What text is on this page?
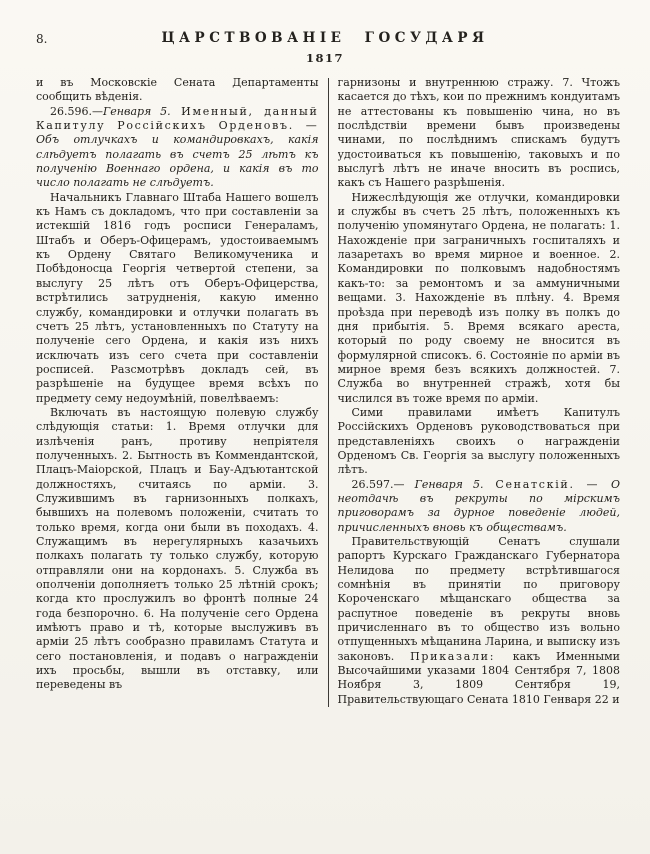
8.	ЦАРСТВОВАНІЕ ГОСУДАРЯ
1817

и въ Московскіе Сената Департаменты сообщить вѣденія.

26.596.—Генваря 5. Именный, данный Капитулу Россійскихъ Орденовъ. — Объ отлучкахъ и командировкахъ, какія слѣдуетъ полагать въ счетъ 25 лѣтъ къ полученію Военнаго ордена, и какія въ то число полагать не слѣдуетъ.

Начальникъ Главнаго Штаба Нашего вошелъ къ Намъ съ докладомъ, что при составленіи за истекшій 1816 годъ росписи Генераламъ, Штабъ и Оберъ-Офицерамъ, удостоиваемымъ къ Ордену Святаго Великомученика и Побѣдоносца Георгія четвертой степени, за выслугу 25 лѣтъ отъ Оберъ-Офицерства, встрѣтились затрудненія, какую именно службу, командировки и отлучки полагать въ счетъ 25 лѣтъ, установленныхъ по Статуту на полученіе сего Ордена, и какія изъ нихъ исключать изъ сего счета при составленіи росписей. Разсмотрѣвъ докладъ сей, въ разрѣшеніе на будущее время всѣхъ по предмету сему недоумѣній, повелѣваемъ:

Включать въ настоящую полевую службу слѣдующія статьи: 1. Время отлучки для излѣченія ранъ, противу непріятеля полученныхъ. 2. Бытность въ Коммендантской, Плацъ-Маіорской, Плацъ и Бау-Адъютантской должностяхъ, считаясь по арміи. 3. Служившимъ въ гарнизонныхъ полкахъ, бывшихъ на полевомъ положеніи, считать то только время, когда они были въ походахъ. 4. Служащимъ въ нерегулярныхъ казачьихъ полкахъ полагать ту только службу, которую отправляли они на кордонахъ. 5. Служба въ ополченіи дополняетъ только 25 лѣтній срокъ; когда кто прослужилъ во фронтѣ полные 24 года безпорочно. 6. На полученіе сего Ордена имѣютъ право и тѣ, которые выслуживъ въ арміи 25 лѣтъ сообразно правиламъ Статута и сего постановленія, и подавъ о награжденіи ихъ просьбы, вышли въ отставку, или переведены въ

гарнизоны и внутреннюю стражу. 7. Чтожъ касается до тѣхъ, кои по прежнимъ кондуитамъ не аттестованы къ повышенію чина, но въ послѣдствіи времени бывъ произведены чинами, по послѣднимъ спискамъ будутъ удостоиваться къ повышенію, таковыхъ и по выслугѣ лѣтъ не иначе вносить въ роспись, какъ съ Нашего разрѣшенія.

Нижеслѣдующія же отлучки, командировки и службы въ счетъ 25 лѣтъ, положенныхъ къ полученію упомянутаго Ордена, не полагать: 1. Нахожденіе при заграничныхъ госпиталяхъ и лазаретахъ во время мирное и военное. 2. Командировки по полковымъ надобностямъ какъ-то: за ремонтомъ и за аммуничными вещами. 3. Нахожденіе въ плѣну. 4. Время проѣзда при переводѣ изъ полку въ полкъ до дня прибытія. 5. Время всякаго ареста, который по роду своему не вносится въ формулярной списокъ. 6. Состояніе по арміи въ мирное время безъ всякихъ должностей. 7. Служба во внутренней стражѣ, хотя бы числился въ тоже время по арміи.

Сими правилами имѣетъ Капитулъ Россійскихъ Орденовъ руководствоваться при представленіяхъ своихъ о награжденіи Орденомъ Св. Георгія за выслугу положенныхъ лѣтъ.

26.597.— Генваря 5. Сенатскій. — О неотдачѣ въ рекруты по мірскимъ приговорамъ за дурное поведеніе людей, причисленныхъ вновь къ обществамъ.

Правительствующій Сенатъ слушали рапортъ Курскаго Гражданскаго Губернатора Нелидова по предмету встрѣтившагося сомнѣнія въ принятіи по приговору Короченскаго мѣщанскаго общества за распутное поведеніе въ рекруты вновь причисленнаго въ то общество изъ вольно отпущенныхъ мѣщанина Ларина, и выписку изъ законовъ. Приказали: какъ Именными Высочайшими указами 1804 Сентября 7, 1808 Ноября 3, 1809 Сентября 19, Правительствующаго Сената 1810 Генваря 22 и
